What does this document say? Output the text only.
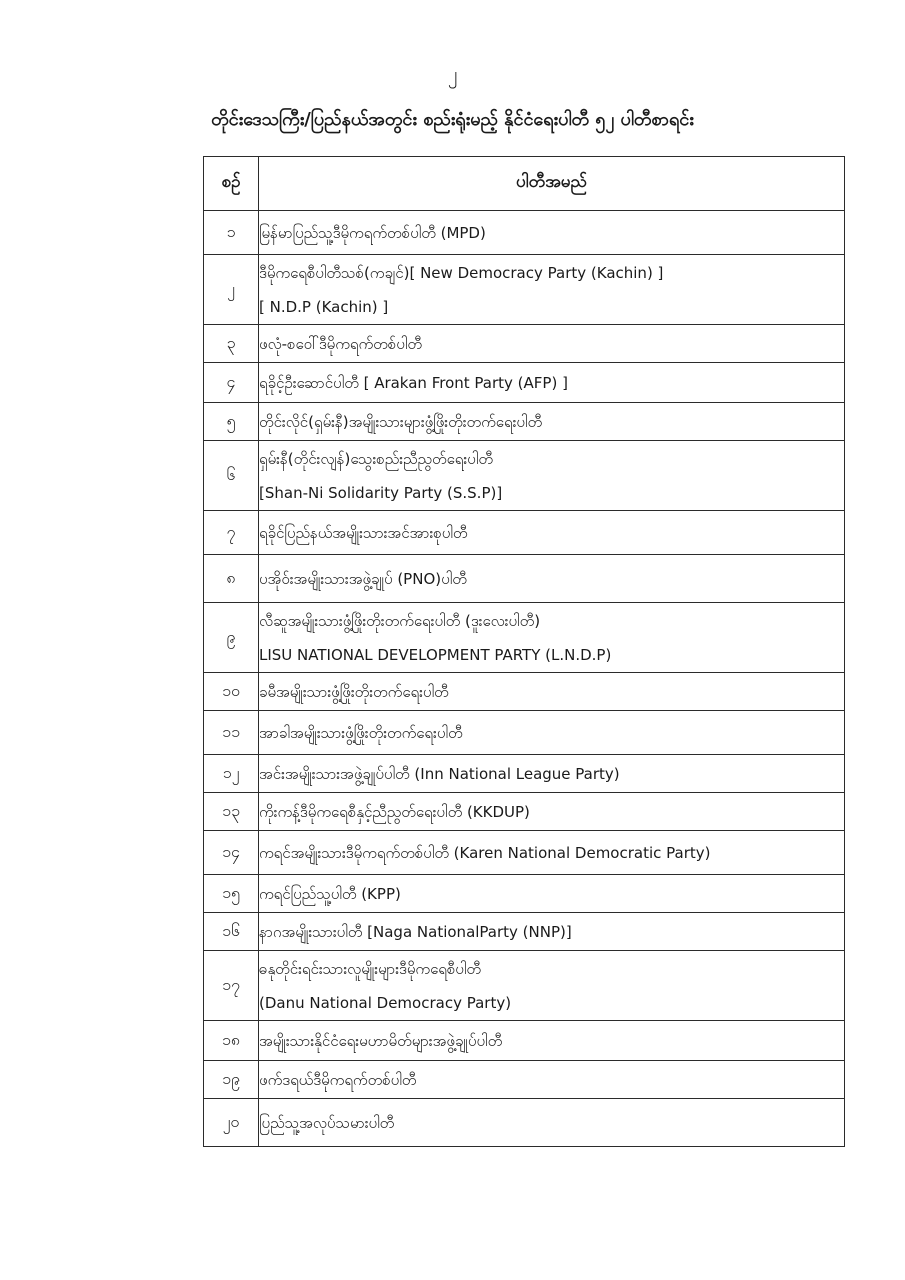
၂
တိုင်းဒေသကြီး/ပြည်နယ်အတွင်း စည်းရုံးမည့် နိုင်ငံရေးပါတီ ၅၂ ပါတီစာရင်း
စဉ်	ပါတီအမည်
၁	မြန်မာပြည်သူ့ဒီမိုကရက်တစ်ပါတီ (MPD)

၂	ဒီမိုကရေစီပါတီသစ်(ကချင်)[ New Democracy Party (Kachin) ]
[ N.D.P (Kachin) ]

၃	ဖလုံ-စဝေါ်ဒီမိုကရက်တစ်ပါတီ

၄	ရခိုင့်ဦးဆောင်ပါတီ [ Arakan Front Party (AFP) ]

၅	တိုင်းလိုင်(ရှမ်းနီ)အမျိုးသားများဖွံ့ဖြိုးတိုးတက်ရေးပါတီ

၆	ရှမ်းနီ(တိုင်းလျန်)သွေးစည်းညီညွတ်ရေးပါတီ
[Shan-Ni Solidarity Party (S.S.P)]

၇	ရခိုင်ပြည်နယ်အမျိုးသားအင်အားစုပါတီ

၈	ပအိုဝ်းအမျိုးသားအဖွဲ့ချုပ် (PNO)ပါတီ

၉	လီဆူအမျိုးသားဖွံ့ဖြိုးတိုးတက်ရေးပါတီ (ဒူးလေးပါတီ)
LISU NATIONAL DEVELOPMENT PARTY (L.N.D.P)

၁၀	ခမီအမျိုးသားဖွံ့ဖြိုးတိုးတက်ရေးပါတီ

၁၁	အာခါအမျိုးသားဖွံ့ဖြိုးတိုးတက်ရေးပါတီ

၁၂	အင်းအမျိုးသားအဖွဲ့ချုပ်ပါတီ (Inn National League Party)

၁၃	ကိုးကန့်ဒီမိုကရေစီနှင့်ညီညွတ်ရေးပါတီ (KKDUP)

၁၄	ကရင်အမျိုးသားဒီမိုကရက်တစ်ပါတီ (Karen National Democratic Party)

၁၅	ကရင်ပြည်သူ့ပါတီ (KPP)

၁၆	နာဂအမျိုးသားပါတီ [Naga NationalParty (NNP)]

၁၇	ဓနုတိုင်းရင်းသားလူမျိုးများဒီမိုကရေစီပါတီ
(Danu National Democracy Party)

၁၈	အမျိုးသားနိုင်ငံရေးမဟာမိတ်များအဖွဲ့ချုပ်ပါတီ

၁၉	ဖက်ဒရယ်ဒီမိုကရက်တစ်ပါတီ

၂၀	ပြည်သူ့အလုပ်သမားပါတီ
